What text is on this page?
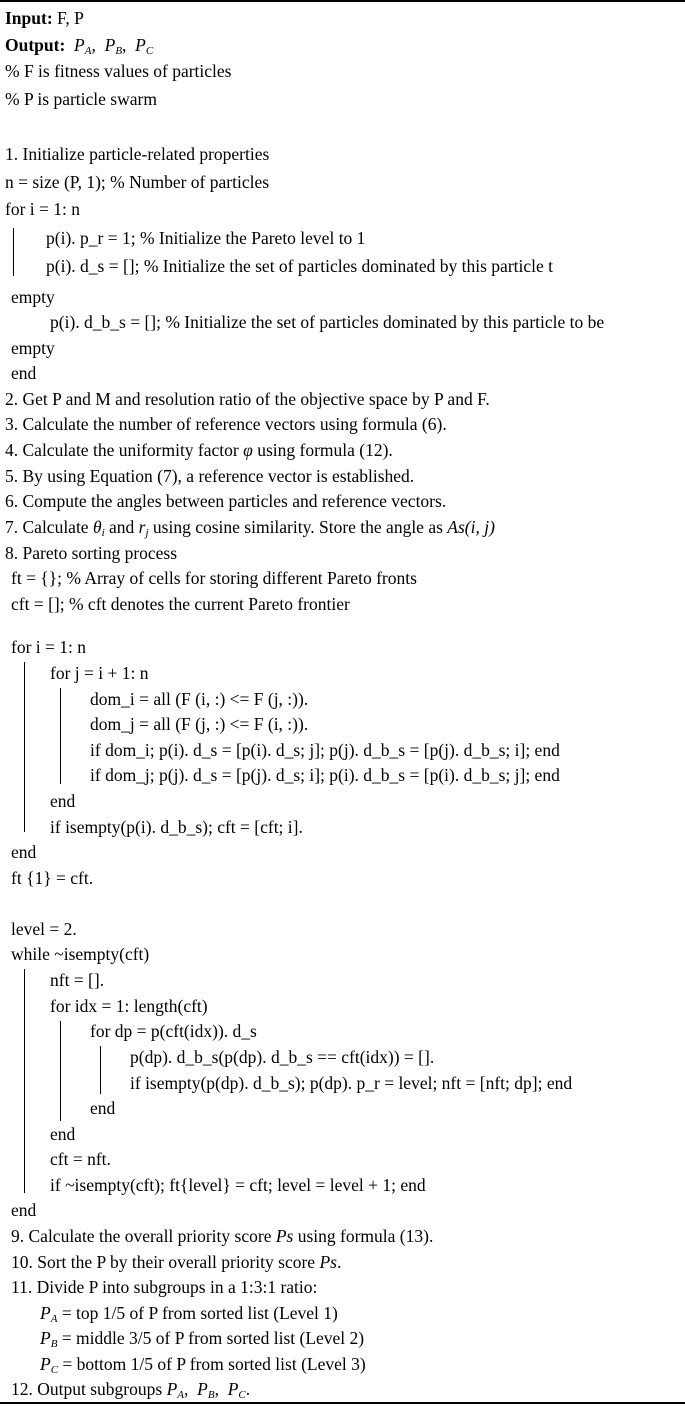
Input: F, P
Output: $P_A$,  $P_B$,  $P_C$
% F is fitness values of particles
% P is particle swarm
1. Initialize particle-related properties
n = size (P, 1); % Number of particles
for i = 1: n
p(i). p_r = 1; % Initialize the Pareto level to 1
p(i). d_s = []; % Initialize the set of particles dominated by this particle t
empty
p(i). d_b_s = []; % Initialize the set of particles dominated by this particle to be
empty
end
2. Get P and M and resolution ratio of the objective space by P and F.
3. Calculate the number of reference vectors using formula (6).
4. Calculate the uniformity factor φ using formula (12).
5. By using Equation (7), a reference vector is established.
6. Compute the angles between particles and reference vectors.
7. Calculate $\theta_i$ and $r_j$ using cosine similarity. Store the angle as As(i, j)
8. Pareto sorting process
ft = {}; % Array of cells for storing different Pareto fronts
cft = []; % cft denotes the current Pareto frontier
for i = 1: n
for j = i + 1: n
dom_i = all (F (i, :) <= F (j, :)).
dom_j = all (F (j, :) <= F (i, :)).
if dom_i; p(i). d_s = [p(i). d_s; j]; p(j). d_b_s = [p(j). d_b_s; i]; end
if dom_j; p(j). d_s = [p(j). d_s; i]; p(i). d_b_s = [p(i). d_b_s; j]; end
end
if isempty(p(i). d_b_s); cft = [cft; i].
end
ft {1} = cft.
level = 2.
while ~isempty(cft)
nft = [].
for idx = 1: length(cft)
for dp = p(cft(idx)). d_s
p(dp). d_b_s(p(dp). d_b_s == cft(idx)) = [].
if isempty(p(dp). d_b_s); p(dp). p_r = level; nft = [nft; dp]; end
end
end
cft = nft.
if ~isempty(cft); ft{level} = cft; level = level + 1; end
end
9. Calculate the overall priority score Ps using formula (13).
10. Sort the P by their overall priority score Ps.
11. Divide P into subgroups in a 1:3:1 ratio:
$P_A$ = top 1/5 of P from sorted list (Level 1)
$P_B$ = middle 3/5 of P from sorted list (Level 2)
$P_C$ = bottom 1/5 of P from sorted list (Level 3)
12. Output subgroups $P_A$,  $P_B$,  $P_C$.
